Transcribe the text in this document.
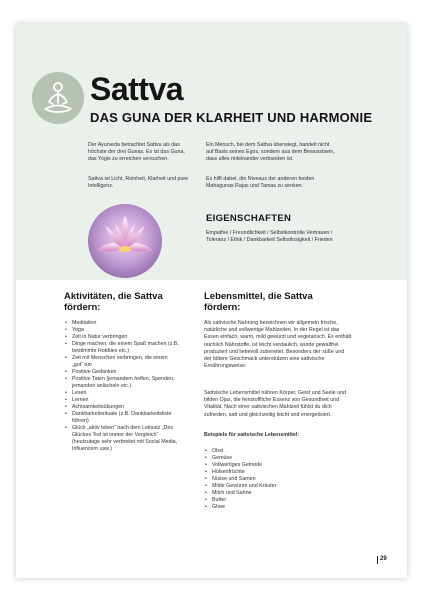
Sattva
DAS GUNA DER KLARHEIT UND HARMONIE

Der Ayurveda betrachtet Sattva als das höchste der drei Gunas. Es ist das Guna, das Yogis zu erreichen versuchen.

Sattva ist Licht, Reinheit, Klarheit und pure Intelligenz.

Ein Mensch, bei dem Sattva überwiegt, handelt nicht auf Basis seines Egos, sondern aus dem Bewusstsein, dass alles miteinander verbunden ist.

Es hilft dabei, die Niveaus der anderen beiden Mahagunas Rajas und Tamas zu senken.

EIGENSCHAFTEN

Empathie / Freundlichkeit / Selbstkontrolle Vertrauen / Toleranz / Ethik / Dankbarkeit Selbstlosigkeit / Frieden

Aktivitäten, die Sattva fördern:
• Meditation
• Yoga
• Zeit in Natur verbringen
• Dinge machen, die einem Spaß machen (z.B. bestimmte Hobbies etc.)
• Zeit mit Menschen verbringen, die einem „gut“ tun
• Positive Gedanken
• Positive Taten (jemandem helfen, Spenden, jemanden anlächeln etc.)
• Lesen
• Lernen
• Achtsamkeitsübungen
• Dankbarkeitsrituale (z.B. Dankbarkeitsliste führen)
• Glück „aktiv leben“ nach dem Leitsatz „Des Glückes Tod ist immer der Vergleich“ (heutzutage sehr verbreitet mit Social Media, Influencern usw.)
Lebensmittel, die Sattva fördern:

Als sattvische Nahrung bezeichnen wir allgemein frische, natürliche und vollwertige Mahlzeiten. In der Regel ist das Essen einfach, warm, mild gewürzt und vegetarisch. Es enthält reichlich Nährstoffe, ist leicht verdaulich, wurde gewaltfrei produziert und liebevoll zubereitet. Besonders der süße und der bittere Geschmack unterstützen eine sattvische Ernährungsweise.

Sattvische Lebensmittel nähren Körper, Geist und Seele und bilden Ojas, die feinstoffliche Essenz von Gesundheit und Vitalität. Nach einer sattvischen Mahlzeit fühlst du dich zufrieden, satt und gleichzeitig leicht und energetisiert.

Beispiele für sattvische Lebensmittel:

• Obst
• Gemüse
• Vollwertiges Getreide
• Hülsenfrüchte
• Nüsse und Samen
• Milde Gewürze und Kräuter
• Milch und Sahne
• Butter
• Ghee
29
